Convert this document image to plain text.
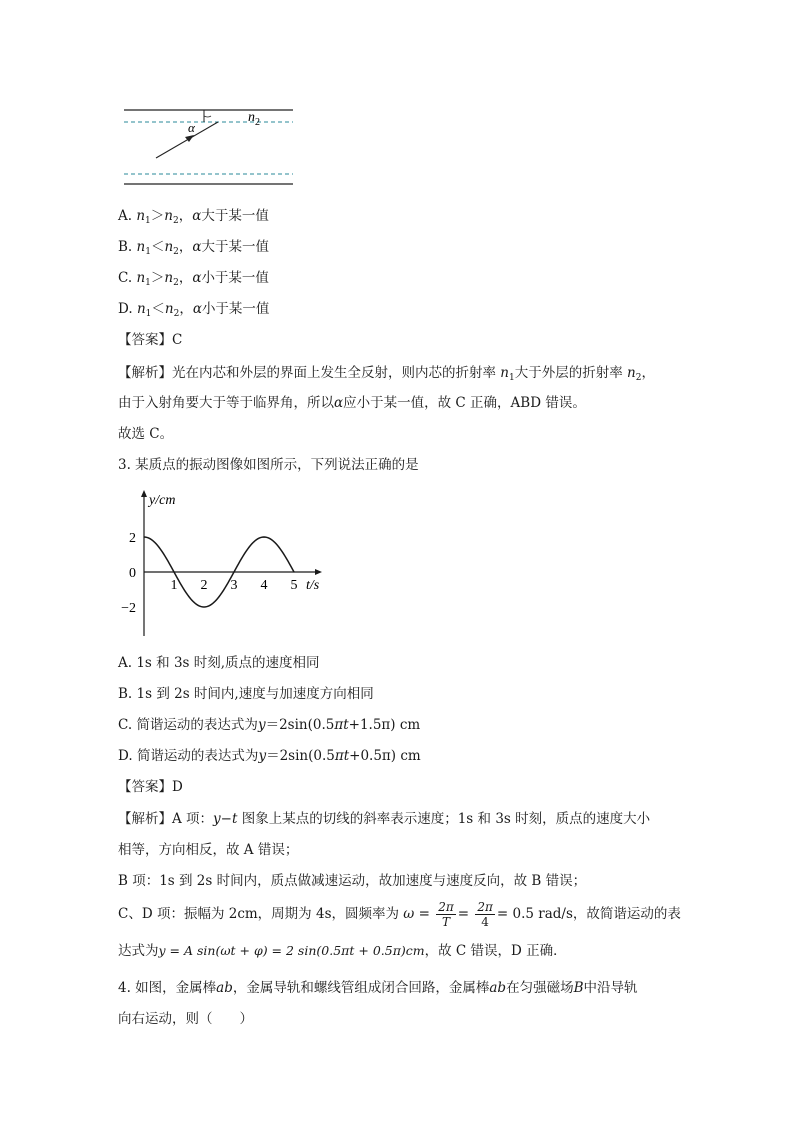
α
$n_2$
A. $n_1>n_2$，α大于某一值
B. $n_1<n_2$，α大于某一值
C. $n_1>n_2$，α小于某一值
D. $n_1<n_2$，α小于某一值
【答案】C
【解析】光在内芯和外层的界面上发生全反射，则内芯的折射率 $n_1$大于外层的折射率 $n_2$，
由于入射角要大于等于临界角，所以α应小于某一值，故 C 正确，ABD 错误。
故选 C。
3. 某质点的振动图像如图所示，下列说法正确的是
y/cm
t/s
2
0
−2
1 2 3 4 5
A. 1s 和 3s 时刻,质点的速度相同
B. 1s 到 2s 时间内,速度与加速度方向相同
C. 简谐运动的表达式为y＝2sin(0.5πt+1.5π) cm
D. 简谐运动的表达式为y＝2sin(0.5πt+0.5π) cm
【答案】D
【解析】A 项：y−t 图象上某点的切线的斜率表示速度；1s 和 3s 时刻，质点的速度大小
相等，方向相反，故 A 错误；
B 项：1s 到 2s 时间内，质点做减速运动，故加速度与速度反向，故 B 错误；
C、D 项：振幅为 2cm，周期为 4s，圆频率为 $\omega = \frac{2\pi}{T} = \frac{2\pi}{4} = 0.5$ rad/s，故简谐运动的表
达式为y = A sin(ωt + φ) = 2 sin(0.5πt + 0.5π)cm，故 C 错误，D 正确．
4. 如图，金属棒ab，金属导轨和螺线管组成闭合回路，金属棒ab在匀强磁场B中沿导轨
向右运动，则（　　）
